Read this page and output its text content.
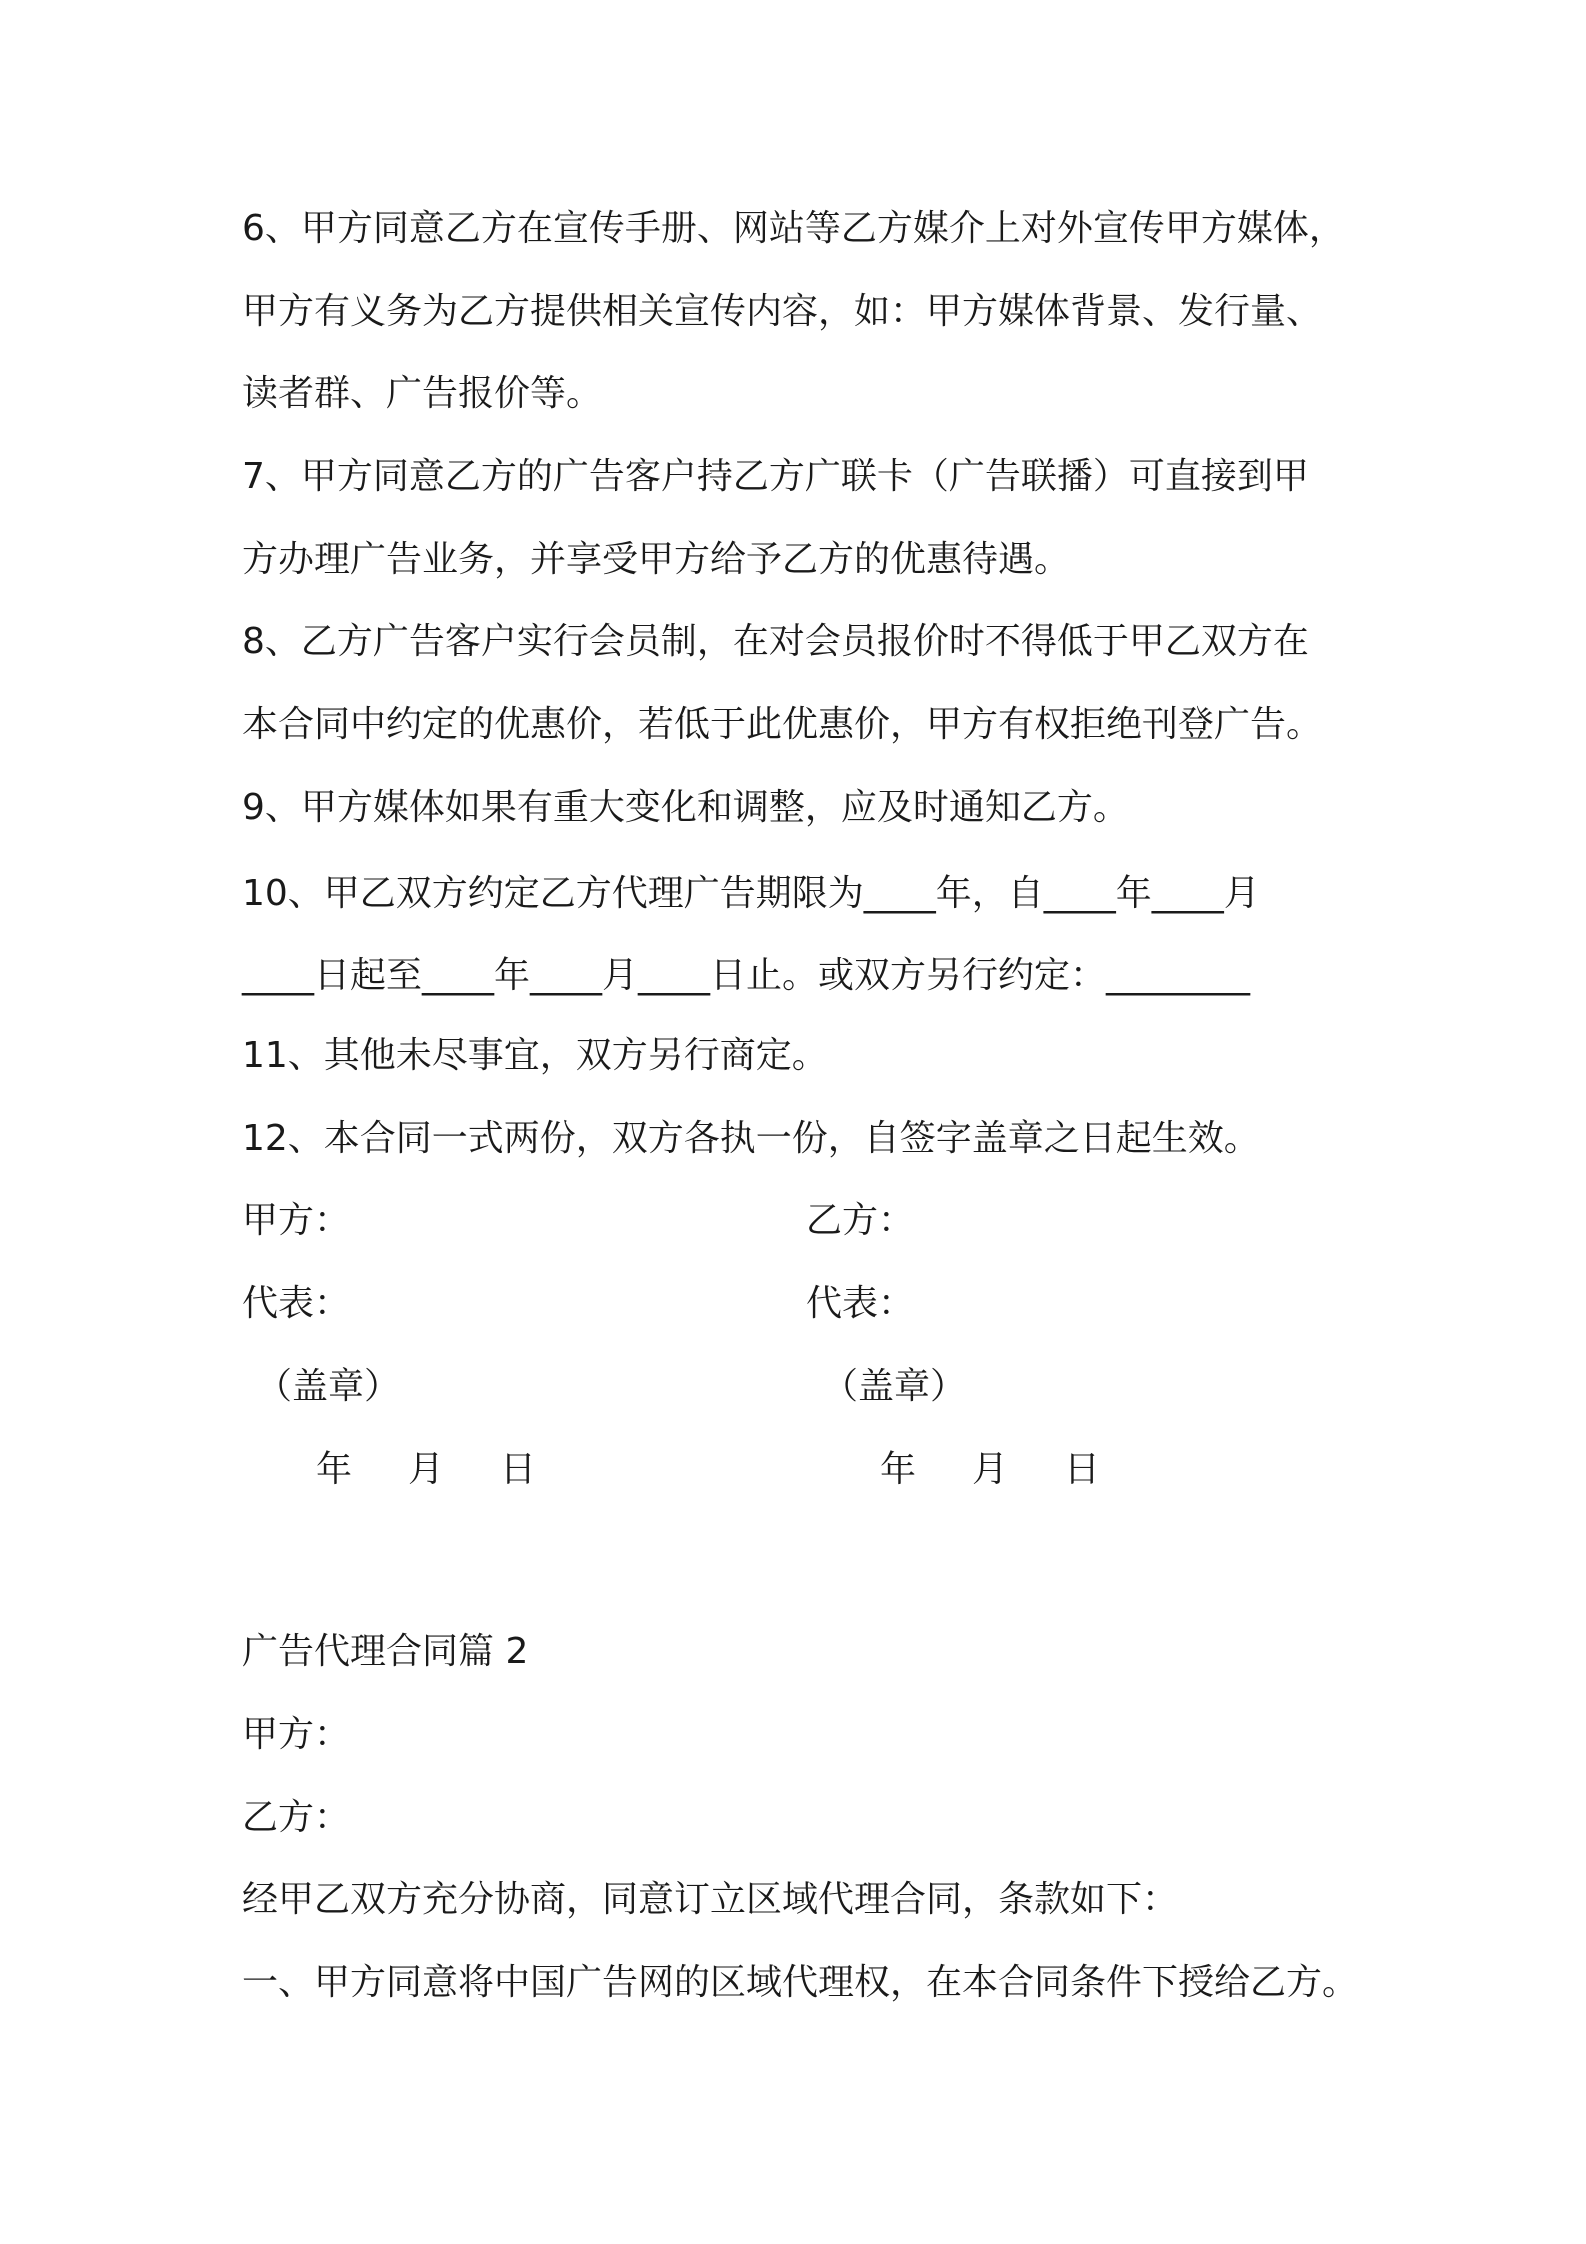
6、甲方同意乙方在宣传手册、网站等乙方媒介上对外宣传甲方媒体，
甲方有义务为乙方提供相关宣传内容，如：甲方媒体背景、发行量、
读者群、广告报价等。
7、甲方同意乙方的广告客户持乙方广联卡（广告联播）可直接到甲
方办理广告业务，并享受甲方给予乙方的优惠待遇。
8、乙方广告客户实行会员制，在对会员报价时不得低于甲乙双方在
本合同中约定的优惠价，若低于此优惠价，甲方有权拒绝刊登广告。
9、甲方媒体如果有重大变化和调整，应及时通知乙方。
10、甲乙双方约定乙方代理广告期限为____年，自____年____月
____日起至____年____月____日止。或双方另行约定：________
11、其他未尽事宜，双方另行商定。
12、本合同一式两份，双方各执一份，自签字盖章之日起生效。
甲方：	乙方：
代表：	代表：
（盖章）	（盖章）
年 月 日	年 月 日
广告代理合同篇 2
甲方：
乙方：
经甲乙双方充分协商，同意订立区域代理合同，条款如下：
一、甲方同意将中国广告网的区域代理权，在本合同条件下授给乙方。
